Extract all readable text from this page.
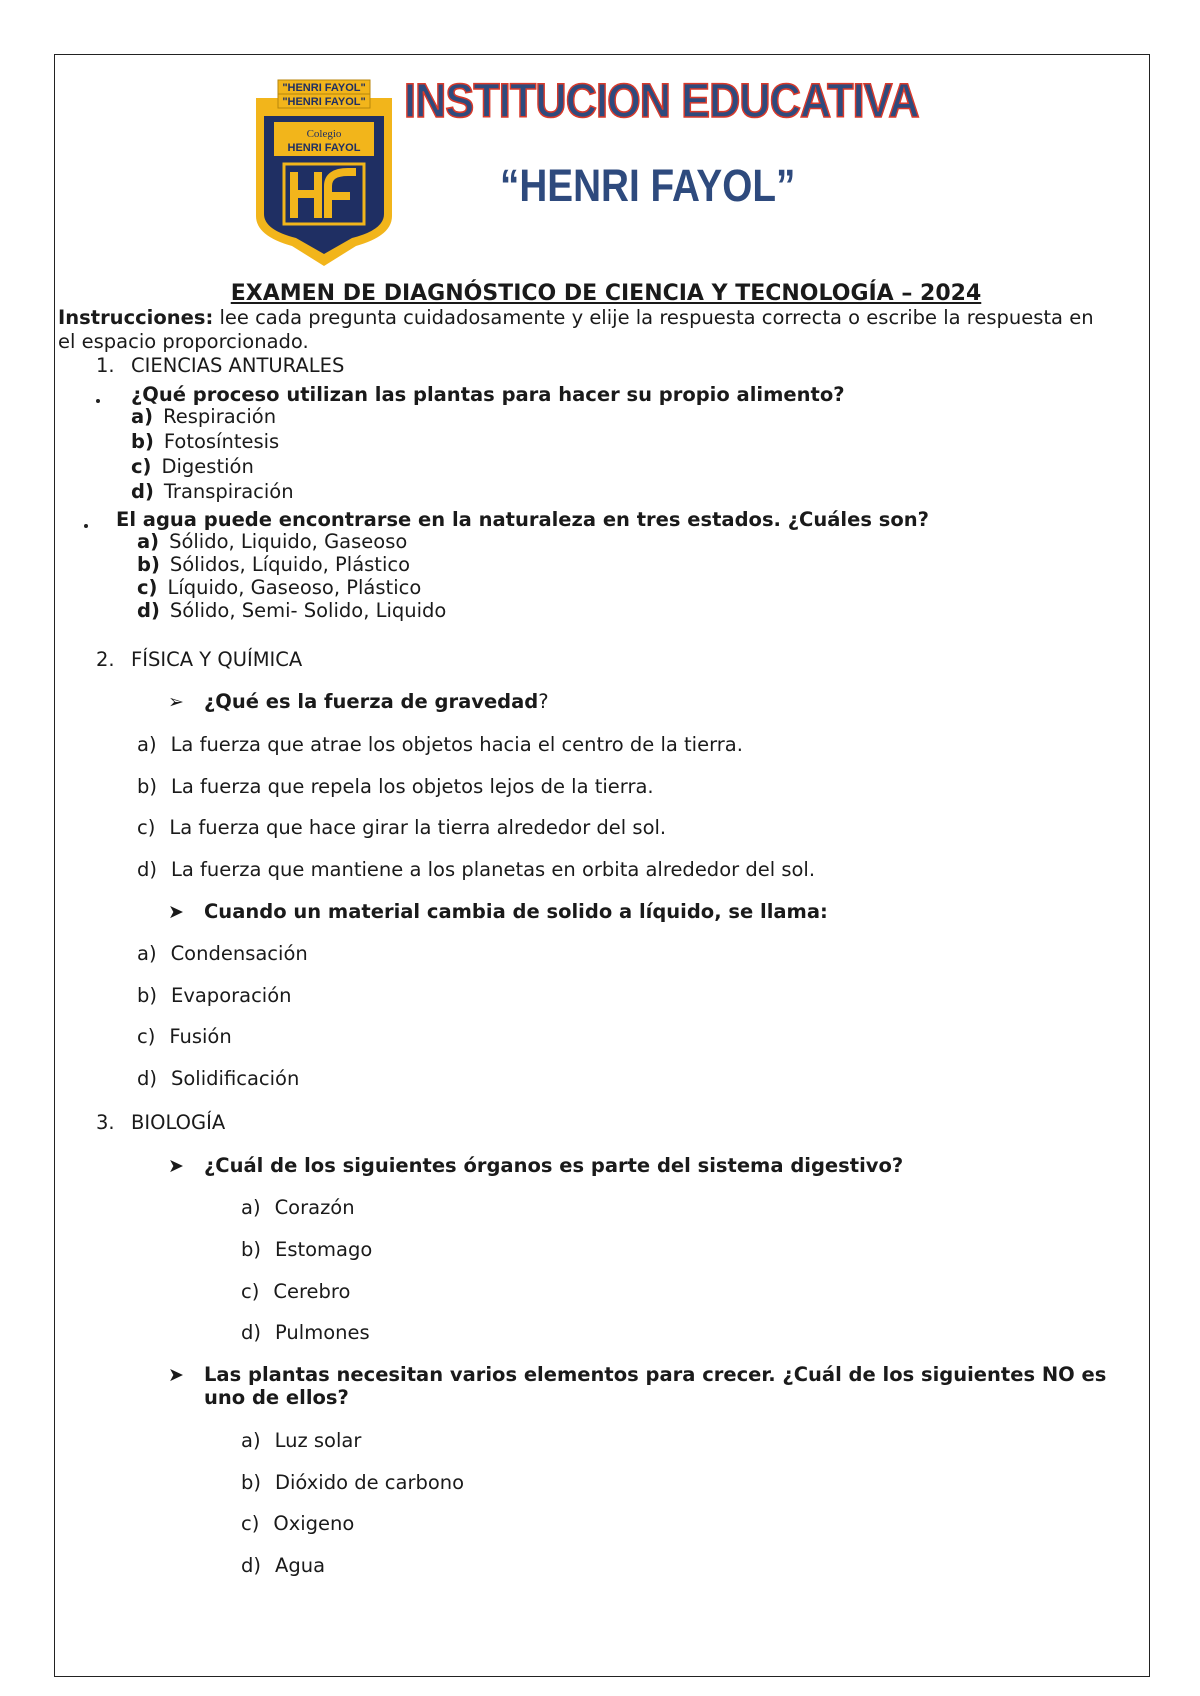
"HENRI FAYOL"
"HENRI FAYOL"
Colegio
HENRI FAYOL
INSTITUCION EDUCATIVA
“HENRI FAYOL”
EXAMEN DE DIAGNÓSTICO DE CIENCIA Y TECNOLOGÍA – 2024
Instrucciones: lee cada pregunta cuidadosamente y elije la respuesta correcta o escribe la respuesta en
el espacio proporcionado.
1. CIENCIAS ANTURALES
¿Qué proceso utilizan las plantas para hacer su propio alimento?
a) Respiración
b) Fotosíntesis
c) Digestión
d) Transpiración
El agua puede encontrarse en la naturaleza en tres estados. ¿Cuáles son?
a) Sólido, Liquido, Gaseoso
b) Sólidos, Líquido, Plástico
c) Líquido, Gaseoso, Plástico
d) Sólido, Semi- Solido, Liquido
2. FÍSICA Y QUÍMICA
➢ ¿Qué es la fuerza de gravedad?
a) La fuerza que atrae los objetos hacia el centro de la tierra.
b) La fuerza que repela los objetos lejos de la tierra.
c) La fuerza que hace girar la tierra alrededor del sol.
d) La fuerza que mantiene a los planetas en orbita alrededor del sol.
➤ Cuando un material cambia de solido a líquido, se llama:
a) Condensación
b) Evaporación
c) Fusión
d) Solidificación
3. BIOLOGÍA
➤ ¿Cuál de los siguientes órganos es parte del sistema digestivo?
a) Corazón
b) Estomago
c) Cerebro
d) Pulmones
➤ Las plantas necesitan varios elementos para crecer. ¿Cuál de los siguientes NO es
uno de ellos?
a) Luz solar
b) Dióxido de carbono
c) Oxigeno
d) Agua
